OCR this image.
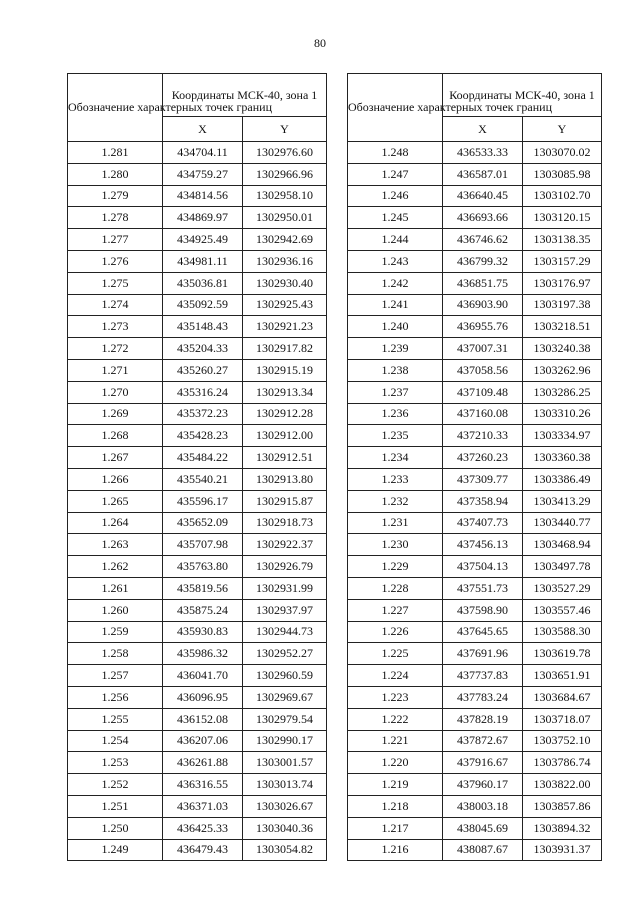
80
Обозначение характерных точек границ	Координаты МСК-40, зона 1	
	X	Y
1.281	434704.11	1302976.60
1.280	434759.27	1302966.96
1.279	434814.56	1302958.10
1.278	434869.97	1302950.01
1.277	434925.49	1302942.69
1.276	434981.11	1302936.16
1.275	435036.81	1302930.40
1.274	435092.59	1302925.43
1.273	435148.43	1302921.23
1.272	435204.33	1302917.82
1.271	435260.27	1302915.19
1.270	435316.24	1302913.34
1.269	435372.23	1302912.28
1.268	435428.23	1302912.00
1.267	435484.22	1302912.51
1.266	435540.21	1302913.80
1.265	435596.17	1302915.87
1.264	435652.09	1302918.73
1.263	435707.98	1302922.37
1.262	435763.80	1302926.79
1.261	435819.56	1302931.99
1.260	435875.24	1302937.97
1.259	435930.83	1302944.73
1.258	435986.32	1302952.27
1.257	436041.70	1302960.59
1.256	436096.95	1302969.67
1.255	436152.08	1302979.54
1.254	436207.06	1302990.17
1.253	436261.88	1303001.57
1.252	436316.55	1303013.74
1.251	436371.03	1303026.67
1.250	436425.33	1303040.36
1.249	436479.43	1303054.82
Обозначение характерных точек границ	Координаты МСК-40, зона 1	
	X	Y
1.248	436533.33	1303070.02
1.247	436587.01	1303085.98
1.246	436640.45	1303102.70
1.245	436693.66	1303120.15
1.244	436746.62	1303138.35
1.243	436799.32	1303157.29
1.242	436851.75	1303176.97
1.241	436903.90	1303197.38
1.240	436955.76	1303218.51
1.239	437007.31	1303240.38
1.238	437058.56	1303262.96
1.237	437109.48	1303286.25
1.236	437160.08	1303310.26
1.235	437210.33	1303334.97
1.234	437260.23	1303360.38
1.233	437309.77	1303386.49
1.232	437358.94	1303413.29
1.231	437407.73	1303440.77
1.230	437456.13	1303468.94
1.229	437504.13	1303497.78
1.228	437551.73	1303527.29
1.227	437598.90	1303557.46
1.226	437645.65	1303588.30
1.225	437691.96	1303619.78
1.224	437737.83	1303651.91
1.223	437783.24	1303684.67
1.222	437828.19	1303718.07
1.221	437872.67	1303752.10
1.220	437916.67	1303786.74
1.219	437960.17	1303822.00
1.218	438003.18	1303857.86
1.217	438045.69	1303894.32
1.216	438087.67	1303931.37
